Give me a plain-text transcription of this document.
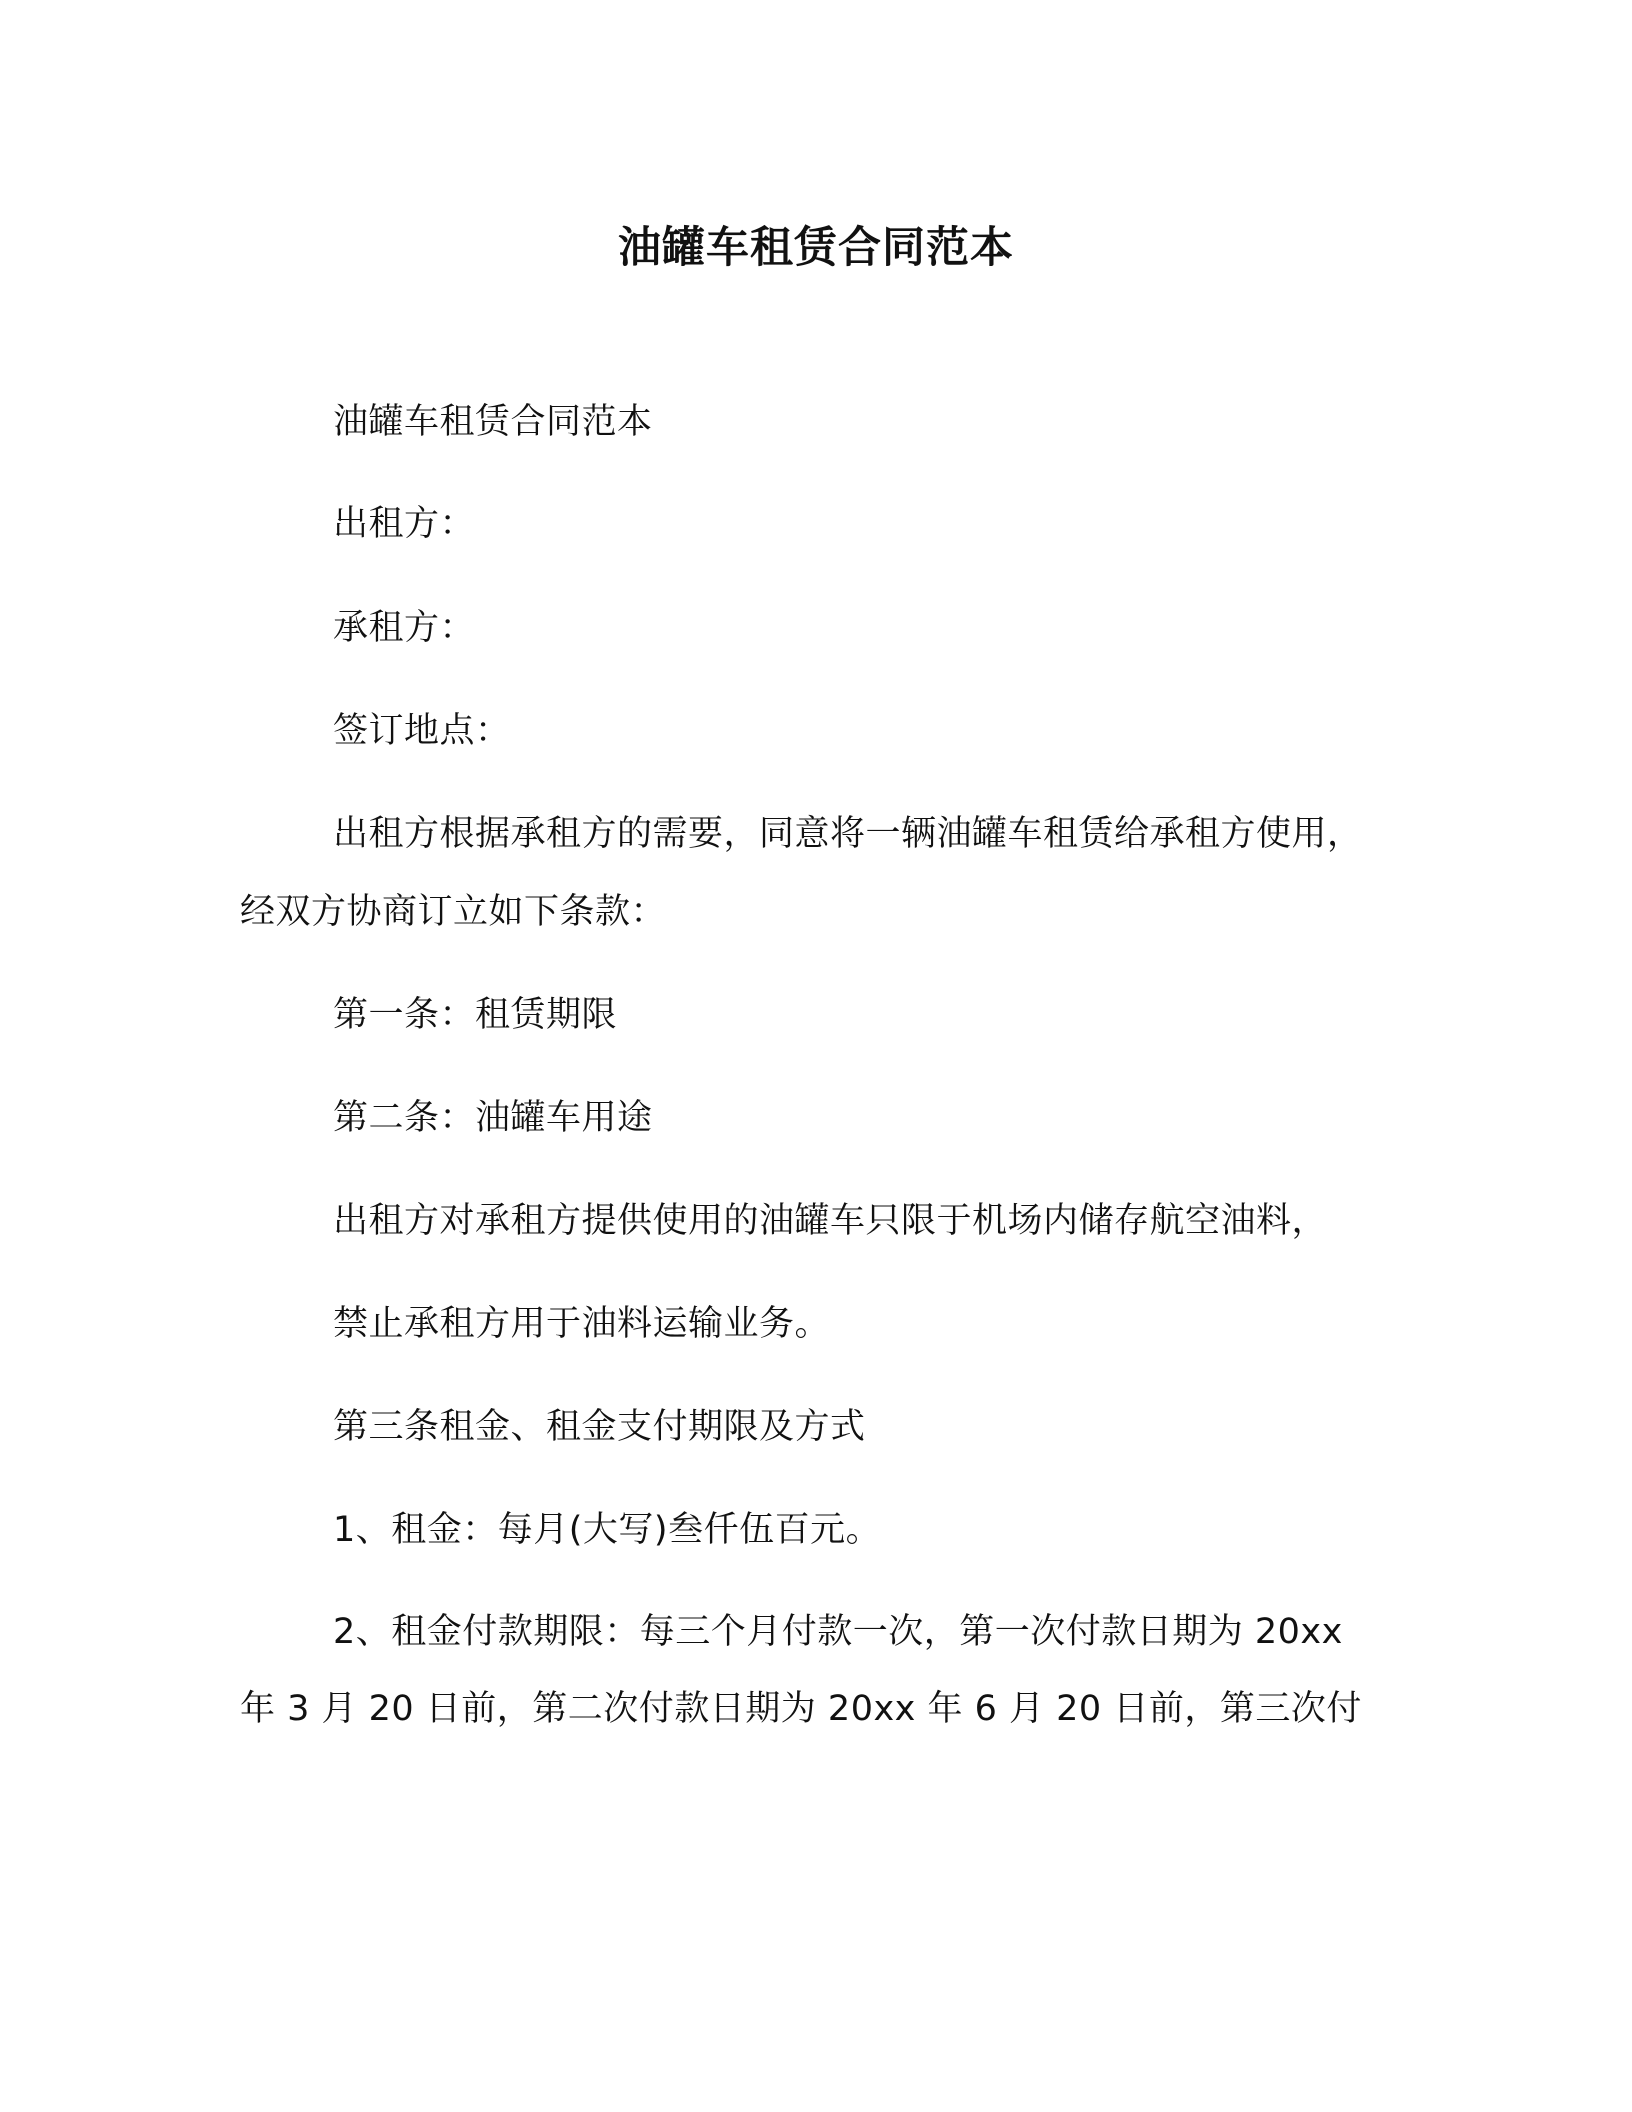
油罐车租赁合同范本

油罐车租赁合同范本

出租方：

承租方：

签订地点：

出租方根据承租方的需要，同意将一辆油罐车租赁给承租方使用，

经双方协商订立如下条款：

第一条：租赁期限

第二条：油罐车用途

出租方对承租方提供使用的油罐车只限于机场内储存航空油料，

禁止承租方用于油料运输业务。

第三条租金、租金支付期限及方式

1、租金：每月(大写)叁仟伍百元。

2、租金付款期限：每三个月付款一次，第一次付款日期为 20xx

年 3 月 20 日前，第二次付款日期为 20xx 年 6 月 20 日前，第三次付
